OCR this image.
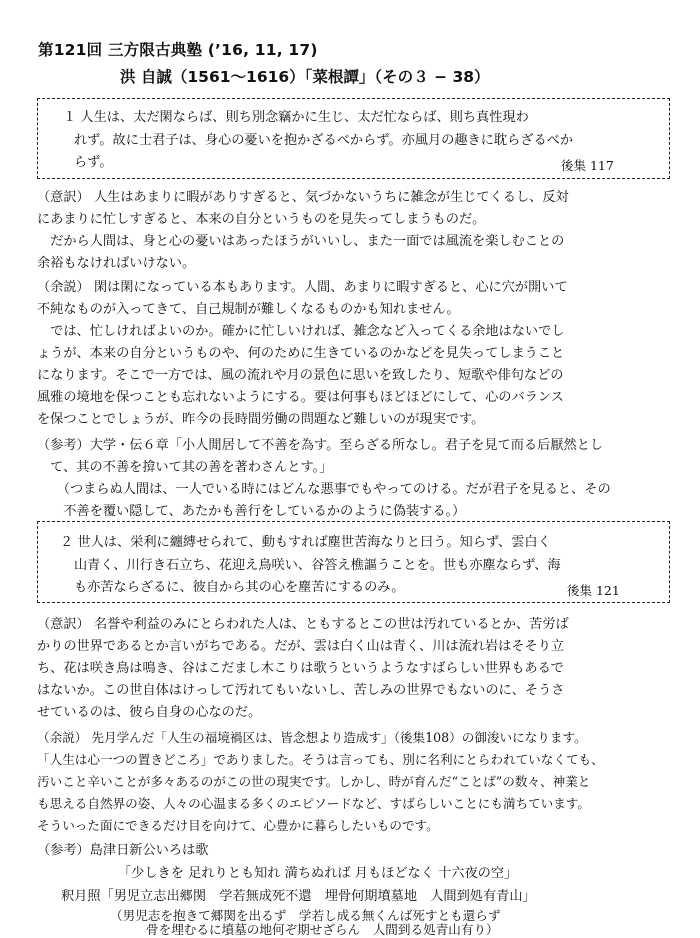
第121回 三方限古典塾 (’16, 11, 17)
洪 自誠（1561〜1616）「菜根譚」（その３ − 38）
１ 人生は、太だ閑ならば、則ち別念竊かに生じ、太だ忙ならば、則ち真性現わ
れず。故に士君子は、身心の憂いを抱かざるべからず。亦風月の趣きに耽らざるべか
らず。	後集 117
（意訳） 人生はあまりに暇がありすぎると、気づかないうちに雑念が生じてくるし、反対
にあまりに忙しすぎると、本来の自分というものを見失ってしまうものだ。
　だから人間は、身と心の憂いはあったほうがいいし、また一面では風流を楽しむことの
余裕もなければいけない。
（余説） 閑は閑になっている本もあります。人間、あまりに暇すぎると、心に穴が開いて
不純なものが入ってきて、自己規制が難しくなるものかも知れません。
　では、忙しければよいのか。確かに忙しいければ、雑念など入ってくる余地はないでし
ょうが、本来の自分というものや、何のために生きているのかなどを見失ってしまうこと
になります。そこで一方では、風の流れや月の景色に思いを致したり、短歌や俳句などの
風雅の境地を保つことも忘れないようにする。要は何事もほどほどにして、心のバランス
を保つことでしょうが、昨今の長時間労働の問題など難しいのが現実です。
（参考）大学・伝６章「小人閒居して不善を為す。至らざる所なし。君子を見て而る后厭然とし
　て、其の不善を揜いて其の善を著わさんとす。」
　　（つまらぬ人間は、一人でいる時にはどんな悪事でもやってのける。だが君子を見ると、その
　　不善を覆い隠して、あたかも善行をしているかのように偽装する。）
２ 世人は、栄利に纏縛せられて、動もすれば塵世苦海なりと曰う。知らず、雲白く
山青く、川行き石立ち、花迎え鳥咲い、谷答え樵謳うことを。世も亦塵ならず、海
も亦苦ならざるに、彼自から其の心を塵苦にするのみ。	後集 121
（意訳） 名誉や利益のみにとらわれた人は、ともするとこの世は汚れているとか、苦労ば
かりの世界であるとか言いがちである。だが、雲は白く山は青く、川は流れ岩はそそり立
ち、花は咲き鳥は鳴き、谷はこだまし木こりは歌うというようなすばらしい世界もあるで
はないか。この世自体はけっして汚れてもいないし、苦しみの世界でもないのに、そうさ
せているのは、彼ら自身の心なのだ。
（余説） 先月学んだ「人生の福境禍区は、皆念想より造成す」（後集108）の御浚いになります。
「人生は心一つの置きどころ」でありました。そうは言っても、別に名利にとらわれていなくても、
汚いこと辛いことが多々あるのがこの世の現実です。しかし、時が育んだ“ことば”の数々、神業と
も思える自然界の姿、人々の心温まる多くのエピソードなど、すばらしいことにも満ちています。
そういった面にできるだけ目を向けて、心豊かに暮らしたいものです。
（参考）島津日新公いろは歌
「少しきを 足れりとも知れ 満ちぬれば 月もほどなく 十六夜の空」
釈月照「男児立志出郷関　学若無成死不還　埋骨何期墳墓地　人間到処有青山」
（男児志を抱きて郷関を出るず　学若し成る無くんば死すとも還らず
骨を埋むるに墳墓の地何ぞ期せざらん　人間到る処青山有り）
